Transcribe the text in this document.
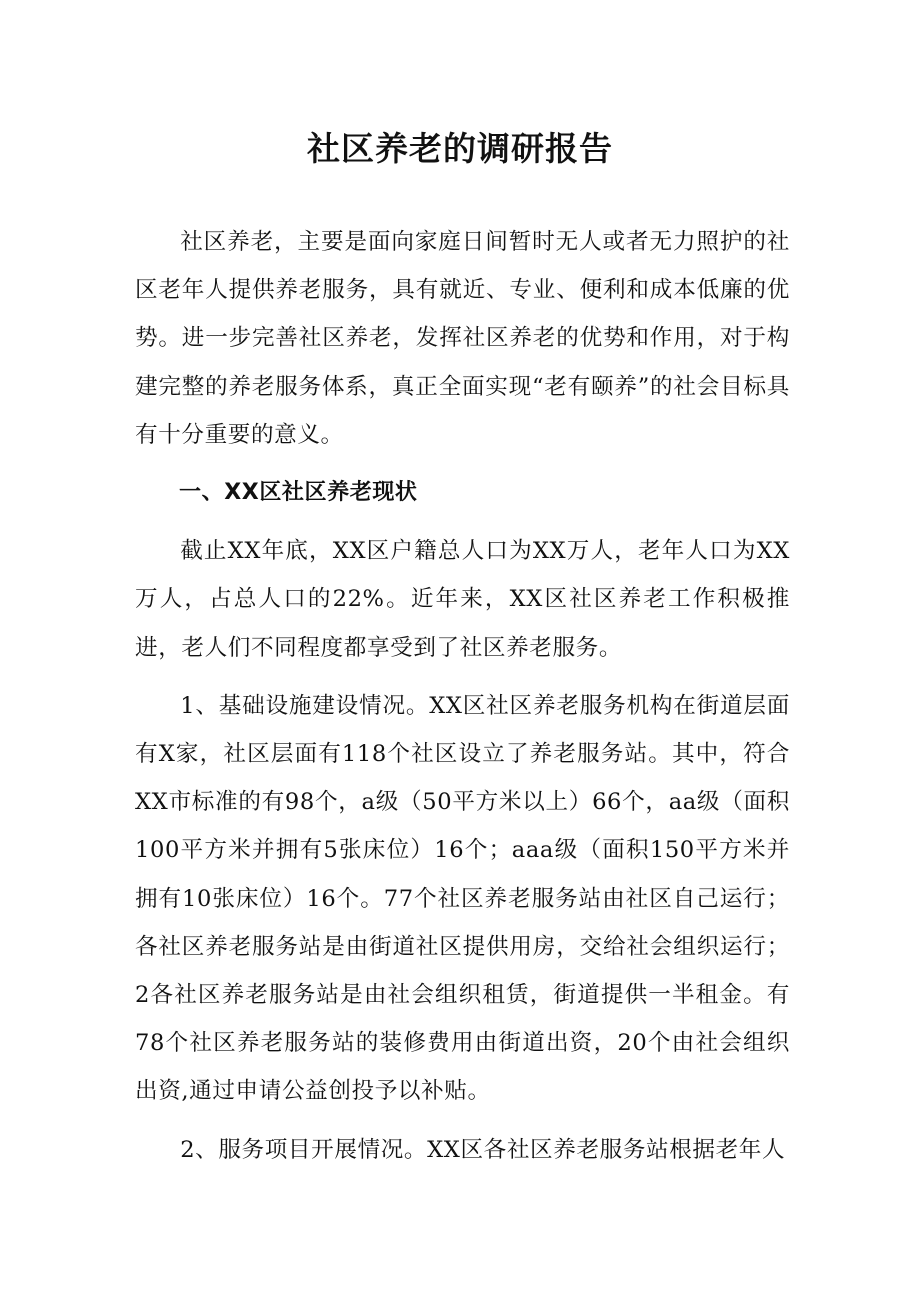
社区养老的调研报告

社区养老，主要是面向家庭日间暂时无人或者无力照护的社区老年人提供养老服务，具有就近、专业、便利和成本低廉的优势。进一步完善社区养老，发挥社区养老的优势和作用，对于构建完整的养老服务体系，真正全面实现“老有颐养”的社会目标具有十分重要的意义。

一、XX区社区养老现状

截止XX年底，XX区户籍总人口为XX万人，老年人口为XX万人，占总人口的22%。近年来，XX区社区养老工作积极推进，老人们不同程度都享受到了社区养老服务。

1、基础设施建设情况。XX区社区养老服务机构在街道层面有X家，社区层面有118个社区设立了养老服务站。其中，符合XX市标准的有98个，a级（50平方米以上）66个，aa级（面积100平方米并拥有5张床位）16个；aaa级（面积150平方米并拥有10张床位）16个。77个社区养老服务站由社区自己运行；各社区养老服务站是由街道社区提供用房，交给社会组织运行；2各社区养老服务站是由社会组织租赁，街道提供一半租金。有78个社区养老服务站的装修费用由街道出资，20个由社会组织出资,通过申请公益创投予以补贴。

2、服务项目开展情况。XX区各社区养老服务站根据老年人
